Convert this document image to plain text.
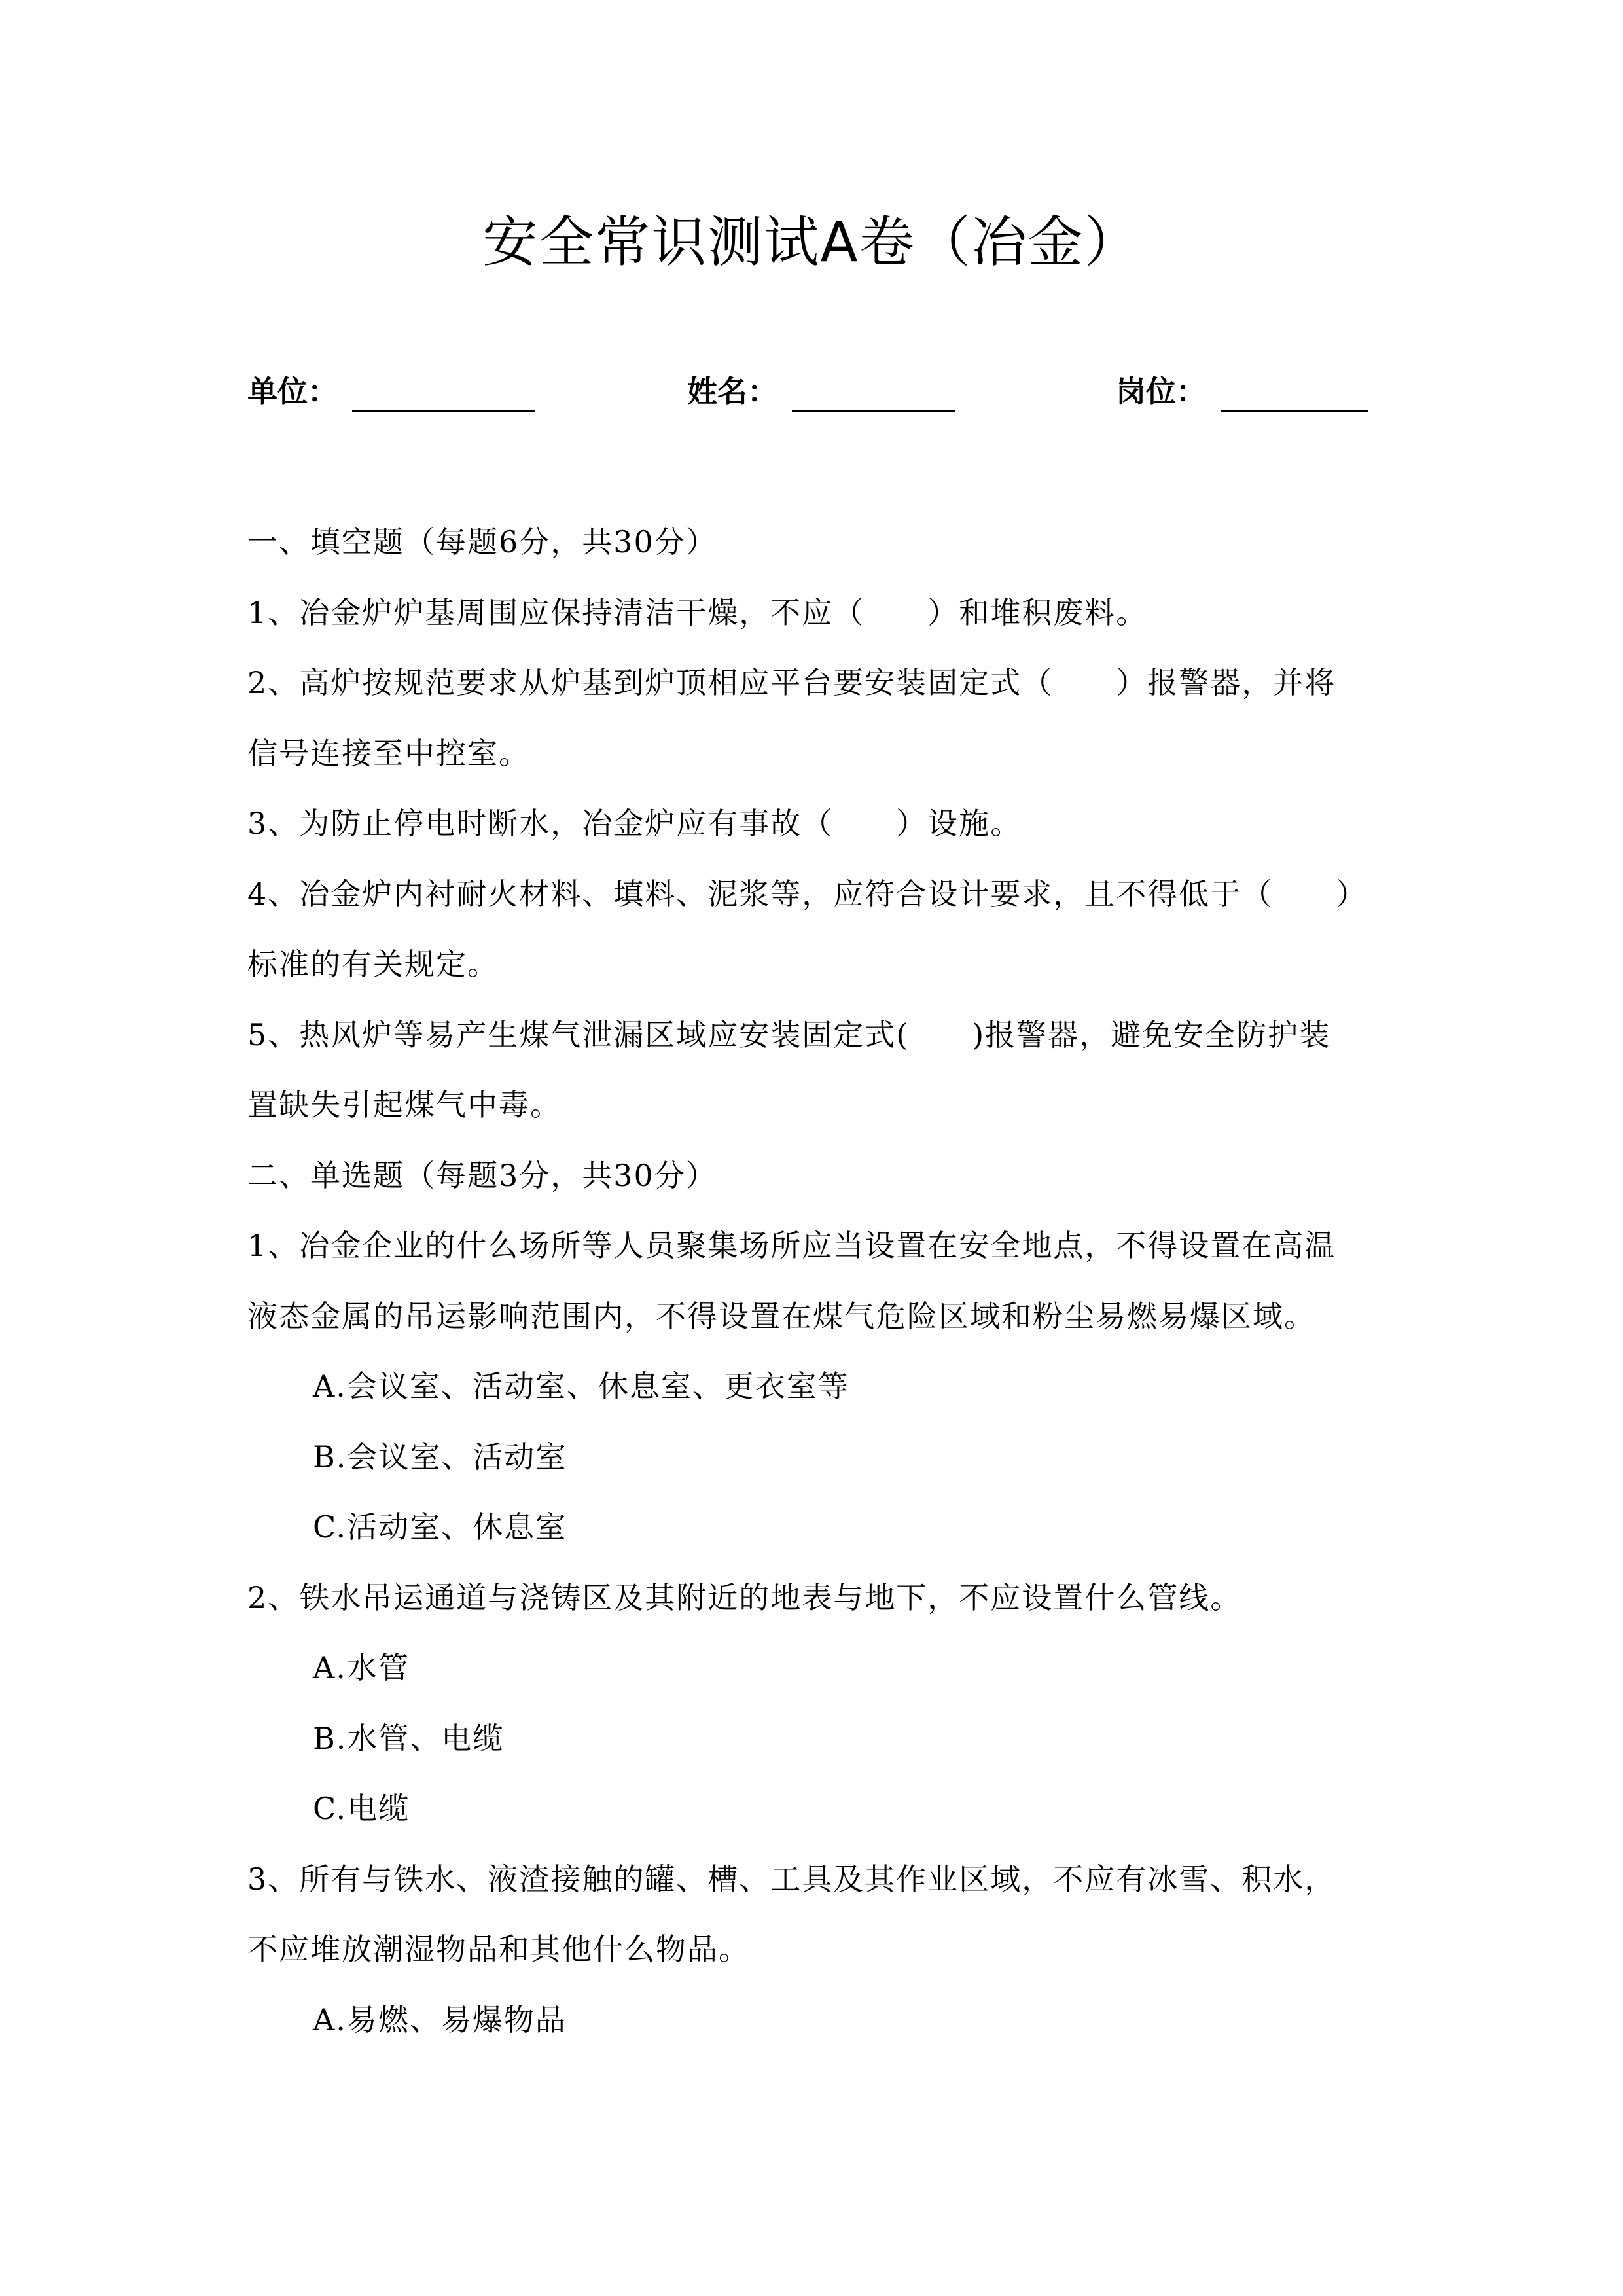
安全常识测试A卷（冶金）
单位：	姓名：	岗位：
一、填空题（每题6分，共30分）
1、冶金炉炉基周围应保持清洁干燥，不应（　　）和堆积废料。
2、高炉按规范要求从炉基到炉顶相应平台要安装固定式（　　）报警器，并将
信号连接至中控室。
3、为防止停电时断水，冶金炉应有事故（　　）设施。
4、冶金炉内衬耐火材料、填料、泥浆等，应符合设计要求，且不得低于（　　）
标准的有关规定。
5、热风炉等易产生煤气泄漏区域应安装固定式(　　)报警器，避免安全防护装
置缺失引起煤气中毒。
二、单选题（每题3分，共30分）
1、冶金企业的什么场所等人员聚集场所应当设置在安全地点，不得设置在高温
液态金属的吊运影响范围内，不得设置在煤气危险区域和粉尘易燃易爆区域。
A.会议室、活动室、休息室、更衣室等
B.会议室、活动室
C.活动室、休息室
2、铁水吊运通道与浇铸区及其附近的地表与地下，不应设置什么管线。
A.水管
B.水管、电缆
C.电缆
3、所有与铁水、液渣接触的罐、槽、工具及其作业区域，不应有冰雪、积水，
不应堆放潮湿物品和其他什么物品。
A.易燃、易爆物品
